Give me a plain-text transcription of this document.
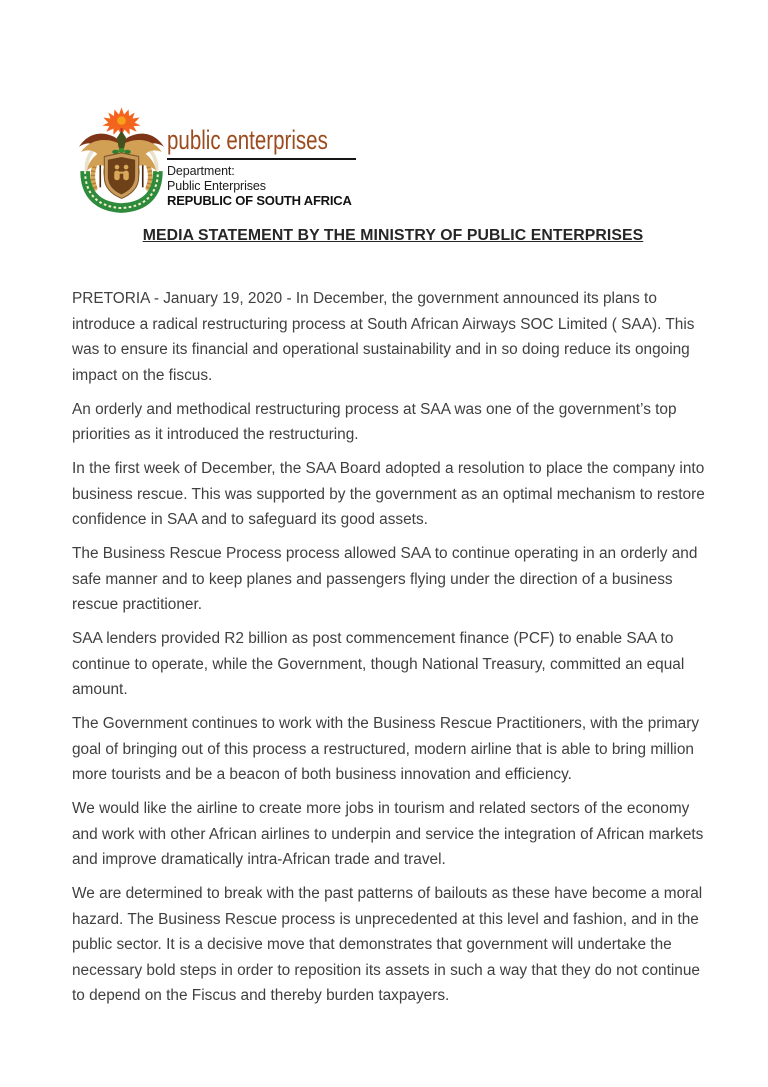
public enterprises
Department:
Public Enterprises
REPUBLIC OF SOUTH AFRICA
MEDIA STATEMENT BY THE MINISTRY OF PUBLIC ENTERPRISES

PRETORIA - January 19, 2020 - In December, the government announced its plans to introduce a radical restructuring process at South African Airways SOC Limited ( SAA). This was to ensure its financial and operational sustainability and in so doing reduce its ongoing impact on the fiscus.

An orderly and methodical restructuring process at SAA was one of the government’s top priorities as it introduced the restructuring.

In the first week of December, the SAA Board adopted a resolution to place the company into business rescue. This was supported by the government as an optimal mechanism to restore confidence in SAA and to safeguard its good assets.

The Business Rescue Process process allowed SAA to continue operating in an orderly and safe manner and to keep planes and passengers flying under the direction of a business rescue practitioner.

SAA lenders provided R2 billion as post commencement finance (PCF) to enable SAA to continue to operate, while the Government, though National Treasury, committed an equal amount.

The Government continues to work with the Business Rescue Practitioners, with the primary goal of bringing out of this process a restructured, modern airline that is able to bring million more tourists and be a beacon of both business innovation and efficiency.

We would like the airline to create more jobs in tourism and related sectors of the economy and work with other African airlines to underpin and service the integration of African markets and improve dramatically intra-African trade and travel.

We are determined to break with the past patterns of bailouts as these have become a moral hazard. The Business Rescue process is unprecedented at this level and fashion, and in the public sector. It is a decisive move that demonstrates that government will undertake the necessary bold steps in order to reposition its assets in such a way that they do not continue to depend on the Fiscus and thereby burden taxpayers.
